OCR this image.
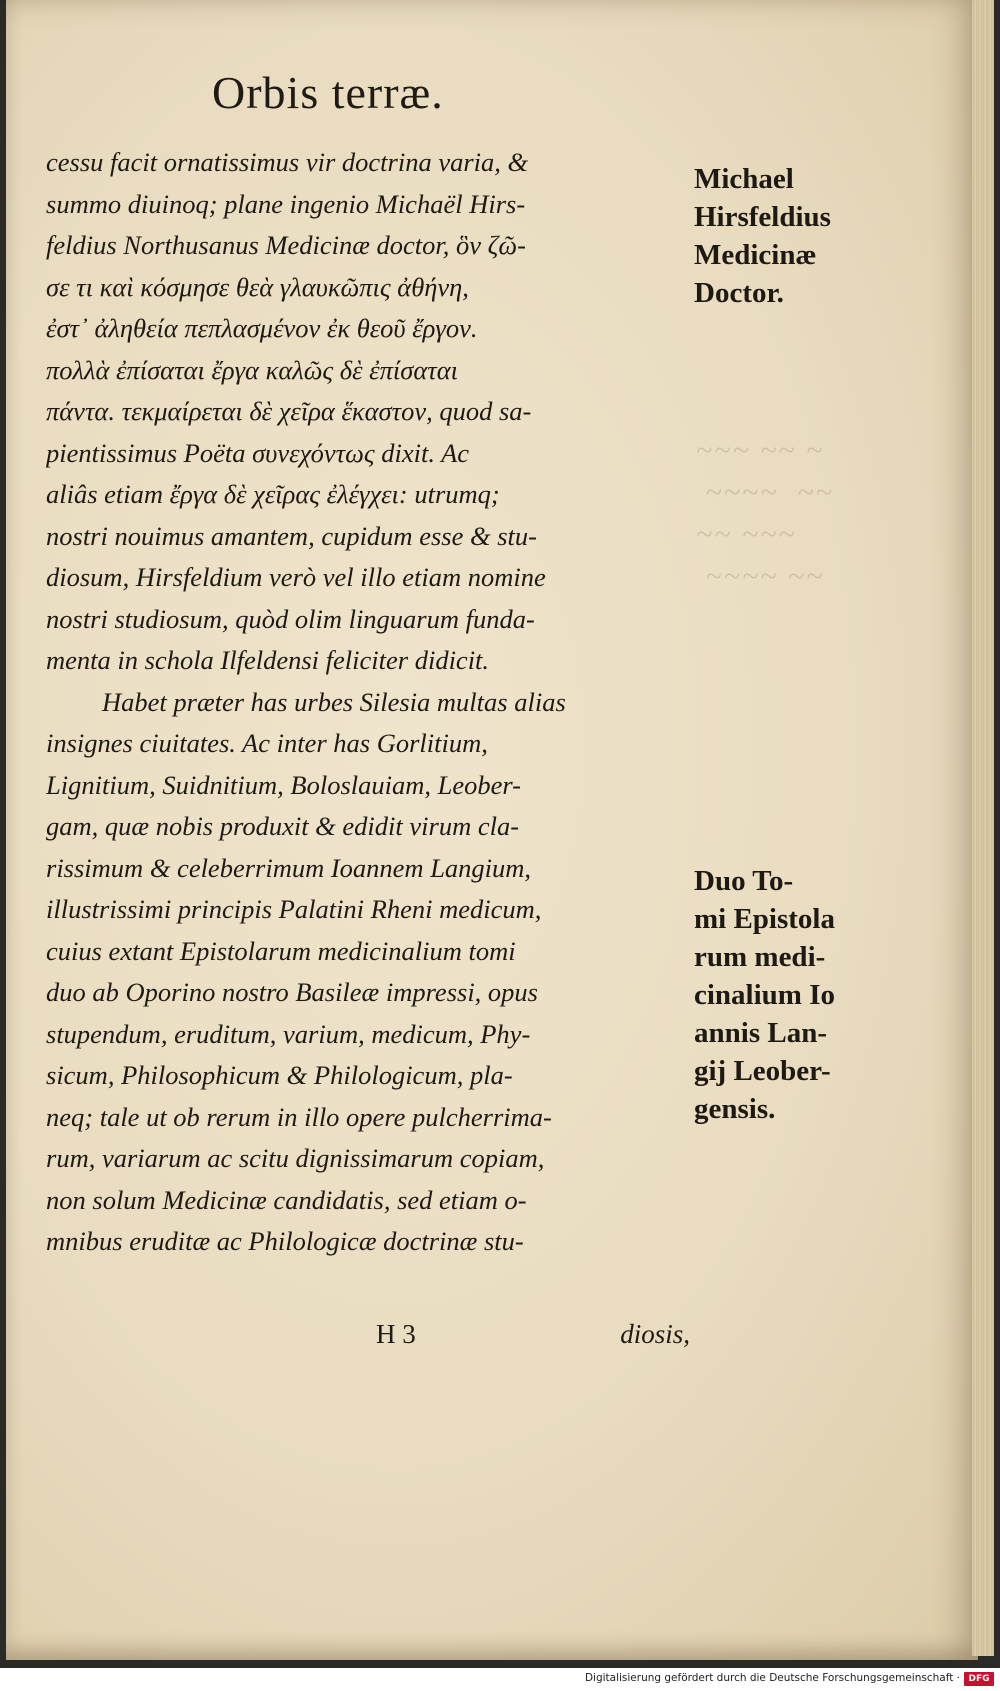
~~~ ~~ ~
~~~~  ~~
~~ ~~~
~~~~ ~~
Orbis terræ.
cessu facit ornatissimus vir doctrina varia, &
summo diuinoq; plane ingenio Michaël Hirs-
feldius Northusanus Medicinæ doctor, ὃν ζῶ-
σε τι καὶ κόσμησε θεὰ γλαυκῶπις ἀθήνη,
ἐστ᾽ ἀληθεία πεπλασμένον ἐκ θεοῦ ἔργον.
πολλὰ ἐπίσαται ἔργα καλῶς δὲ ἐπίσαται
πάντα. τεκμαίρεται δὲ χεῖρα ἕκαστον, quod sa-
pientissimus Poëta συνεχόντως dixit. Ac
aliâs etiam ἔργα δὲ χεῖρας ἐλέγχει: utrumq;
nostri nouimus amantem, cupidum esse & stu-
diosum, Hirsfeldium verò vel illo etiam nomine
nostri studiosum, quòd olim linguarum funda-
menta in schola Ilfeldensi feliciter didicit.
Habet præter has urbes Silesia multas alias
insignes ciuitates. Ac inter has Gorlitium,
Lignitium, Suidnitium, Boloslauiam, Leober-
gam, quæ nobis produxit & edidit virum cla-
rissimum & celeberrimum Ioannem Langium,
illustrissimi principis Palatini Rheni medicum,
cuius extant Epistolarum medicinalium tomi
duo ab Oporino nostro Basileæ impressi, opus
stupendum, eruditum, varium, medicum, Phy-
sicum, Philosophicum & Philologicum, pla-
neq; tale ut ob rerum in illo opere pulcherrima-
rum, variarum ac scitu dignissimarum copiam,
non solum Medicinæ candidatis, sed etiam o-
mnibus eruditæ ac Philologicæ doctrinæ stu-
Michael
Hirsfeldius
Medicinæ
Doctor.
Duo To-
mi Epistola
rum medi-
cinalium Io
annis Lan-
gij Leober-
gensis.
H 3	diosis,
Digitalisierung gefördert durch die Deutsche Forschungsgemeinschaft · DFG
